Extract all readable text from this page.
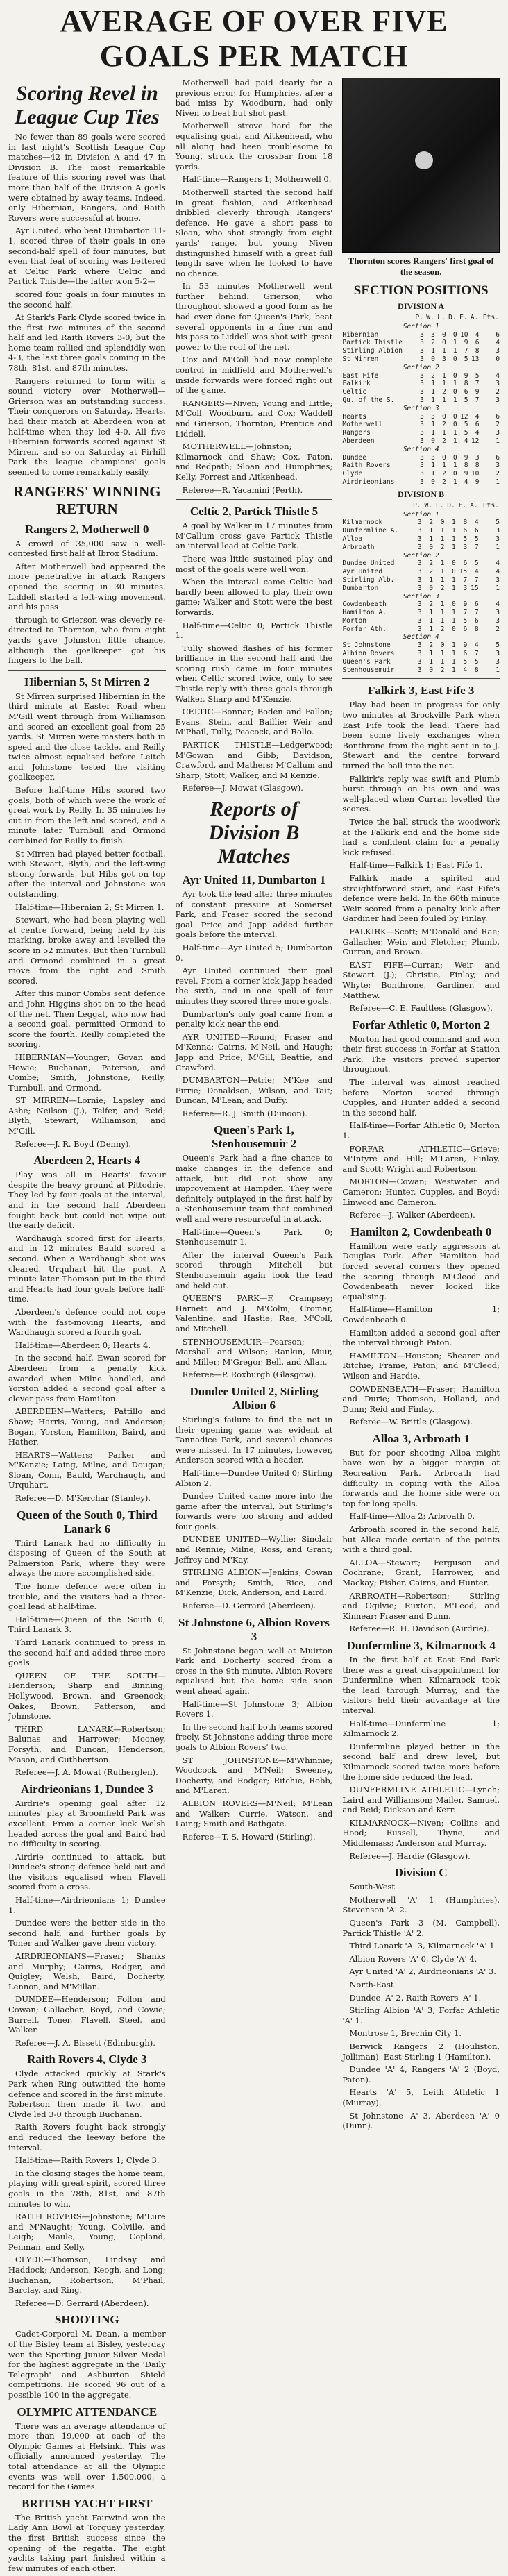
AVERAGE OF OVER FIVE GOALS PER MATCH
Scoring Revel in League Cup Ties

No fewer than 89 goals were scored in last night's Scottish League Cup matches—42 in Division A and 47 in Division B. The most remarkable feature of this scoring revel was that more than half of the Division A goals were obtained by away teams. Indeed, only Hibernian, Rangers, and Raith Rovers were successful at home.

Ayr United, who beat Dumbarton 11-1, scored three of their goals in one second-half spell of four minutes, but even that feat of scoring was bettered at Celtic Park where Celtic and Partick Thistle—the latter won 5-2—

scored four goals in four minutes in the second half.

At Stark's Park Clyde scored twice in the first two minutes of the second half and led Raith Rovers 3-0, but the home team rallied and splendidly won 4-3, the last three goals coming in the 78th, 81st, and 87th minutes.

Rangers returned to form with a sound victory over Motherwell—Grierson was an outstanding success. Their conquerors on Saturday, Hearts, had their match at Aberdeen won at half-time when they led 4-0. All five Hibernian forwards scored against St Mirren, and so on Saturday at Firhill Park the league champions' goals seemed to come remarkably easily.

RANGERS' WINNING RETURN
Rangers 2, Motherwell 0

A crowd of 35,000 saw a well-contested first half at Ibrox Stadium.

After Motherwell had appeared the more penetrative in attack Rangers opened the scoring in 30 minutes. Liddell started a left-wing movement, and his pass

through to Grierson was cleverly re-directed to Thornton, who from eight yards gave Johnston little chance, although the goalkeeper got his fingers to the ball.

Hibernian 5, St Mirren 2

St Mirren surprised Hibernian in the third minute at Easter Road when M'Gill went through from Williamson and scored an excellent goal from 25 yards. St Mirren were masters both in speed and the close tackle, and Reilly twice almost equalised before Leitch and Johnstone tested the visiting goalkeeper.

Before half-time Hibs scored two goals, both of which were the work of great work by Reilly. In 35 minutes he cut in from the left and scored, and a minute later Turnbull and Ormond combined for Reilly to finish.

St Mirren had played better football, with Stewart, Blyth, and the left-wing strong forwards, but Hibs got on top after the interval and Johnstone was outstanding.

Half-time—Hibernian 2; St Mirren 1.

Stewart, who had been playing well at centre forward, being held by his marking, broke away and levelled the score in 52 minutes. But then Turnbull and Ormond combined in a great move from the right and Smith scored.

After this minor Combs sent defence and John Higgins shot on to the head of the net. Then Leggat, who now had a second goal, permitted Ormond to score the fourth. Reilly completed the scoring.

HIBERNIAN—Younger; Govan and Howie; Buchanan, Paterson, and Combe; Smith, Johnstone, Reilly, Turnbull, and Ormond.

ST MIRREN—Lornie; Lapsley and Ashe; Neilson (J.), Telfer, and Reid; Blyth, Stewart, Williamson, and M'Gill.

Referee—J. R. Boyd (Denny).

Aberdeen 2, Hearts 4

Play was all in Hearts' favour despite the heavy ground at Pittodrie. They led by four goals at the interval, and in the second half Aberdeen fought back but could not wipe out the early deficit.

Wardhaugh scored first for Hearts, and in 12 minutes Bauld scored a second. When a Wardhaugh shot was cleared, Urquhart hit the post. A minute later Thomson put in the third and Hearts had four goals before half-time.

Aberdeen's defence could not cope with the fast-moving Hearts, and Wardhaugh scored a fourth goal.

Half-time—Aberdeen 0; Hearts 4.

In the second half, Ewan scored for Aberdeen from a penalty kick awarded when Milne handled, and Yorston added a second goal after a clever pass from Hamilton.

ABERDEEN—Watters; Pattillo and Shaw; Harris, Young, and Anderson; Bogan, Yorston, Hamilton, Baird, and Hather.

HEARTS—Watters; Parker and M'Kenzie; Laing, Milne, and Dougan; Sloan, Conn, Bauld, Wardhaugh, and Urquhart.

Referee—D. M'Kerchar (Stanley).

Queen of the South 0, Third Lanark 6

Third Lanark had no difficulty in disposing of Queen of the South at Palmerston Park, where they were always the more accomplished side.

The home defence were often in trouble, and the visitors had a three-goal lead at half-time.

Half-time—Queen of the South 0; Third Lanark 3.

Third Lanark continued to press in the second half and added three more goals.

QUEEN OF THE SOUTH—Henderson; Sharp and Binning; Hollywood, Brown, and Greenock; Oakes, Brown, Patterson, and Johnstone.

THIRD LANARK—Robertson; Balunas and Harrower; Mooney, Forsyth, and Duncan; Henderson, Mason, and Cuthbertson.

Referee—J. A. Mowat (Rutherglen).

Airdrieonians 1, Dundee 3

Airdrie's opening goal after 12 minutes' play at Broomfield Park was excellent. From a corner kick Welsh headed across the goal and Baird had no difficulty in scoring.

Airdrie continued to attack, but Dundee's strong defence held out and the visitors equalised when Flavell scored from a cross.

Half-time—Airdrieonians 1; Dundee 1.

Dundee were the better side in the second half, and further goals by Toner and Walker gave them victory.

AIRDRIEONIANS—Fraser; Shanks and Murphy; Cairns, Rodger, and Quigley; Welsh, Baird, Docherty, Lennon, and M'Millan.

DUNDEE—Henderson; Follon and Cowan; Gallacher, Boyd, and Cowie; Burrell, Toner, Flavell, Steel, and Walker.

Referee—J. A. Bissett (Edinburgh).

Raith Rovers 4, Clyde 3

Clyde attacked quickly at Stark's Park when Ring outwitted the home defence and scored in the first minute. Robertson then made it two, and Clyde led 3-0 through Buchanan.

Raith Rovers fought back strongly and reduced the leeway before the interval.

Half-time—Raith Rovers 1; Clyde 3.

In the closing stages the home team, playing with great spirit, scored three goals in the 78th, 81st, and 87th minutes to win.

RAITH ROVERS—Johnstone; M'Lure and M'Naught; Young, Colville, and Leigh; Maule, Young, Copland, Penman, and Kelly.

CLYDE—Thomson; Lindsay and Haddock; Anderson, Keogh, and Long; Buchanan, Robertson, M'Phail, Barclay, and Ring.

Referee—D. Gerrard (Aberdeen).

SHOOTING

Cadet-Corporal M. Dean, a member of the Bisley team at Bisley, yesterday won the Sporting Junior Silver Medal for the highest aggregate in the 'Daily Telegraph' and Ashburton Shield competitions. He scored 96 out of a possible 100 in the aggregate.

OLYMPIC ATTENDANCE

There was an average attendance of more than 19,000 at each of the Olympic Games at Helsinki. This was officially announced yesterday. The total attendance at all the Olympic events was well over 1,500,000, a record for the Games.

BRITISH YACHT FIRST

The British yacht Fairwind won the Lady Ann Bowl at Torquay yesterday, the first British success since the opening of the regatta. The eight yachts taking part finished within a few minutes of each other.

Motherwell had paid dearly for a previous error, for Humphries, after a bad miss by Woodburn, had only Niven to beat but shot past.

Motherwell strove hard for the equalising goal, and Aitkenhead, who all along had been troublesome to Young, struck the crossbar from 18 yards.

Half-time—Rangers 1; Motherwell 0.

Motherwell started the second half in great fashion, and Aitkenhead dribbled cleverly through Rangers' defence. He gave a short pass to Sloan, who shot strongly from eight yards' range, but young Niven distinguished himself with a great full length save when he looked to have no chance.

In 53 minutes Motherwell went further behind. Grierson, who throughout showed a good form as he had ever done for Queen's Park, beat several opponents in a fine run and his pass to Liddell was shot with great power to the roof of the net.

Cox and M'Coll had now complete control in midfield and Motherwell's inside forwards were forced right out of the game.

RANGERS—Niven; Young and Little; M'Coll, Woodburn, and Cox; Waddell and Grierson, Thornton, Prentice and Liddell.

MOTHERWELL—Johnston; Kilmarnock and Shaw; Cox, Paton, and Redpath; Sloan and Humphries; Kelly, Forrest and Aitkenhead.

Referee—R. Yacamini (Perth).

Celtic 2, Partick Thistle 5

A goal by Walker in 17 minutes from M'Callum cross gave Partick Thistle an interval lead at Celtic Park.

There was little sustained play and most of the goals were well won.

When the interval came Celtic had hardly been allowed to play their own game; Walker and Stott were the best forwards.

Half-time—Celtic 0; Partick Thistle 1.

Tully showed flashes of his former brilliance in the second half and the scoring rush came in four minutes when Celtic scored twice, only to see Thistle reply with three goals through Walker, Sharp and M'Kenzie.

CELTIC—Bonnar; Boden and Fallon; Evans, Stein, and Baillie; Weir and M'Phail, Tully, Peacock, and Rollo.

PARTICK THISTLE—Ledgerwood; M'Gowan and Gibb; Davidson, Crawford, and Mathers; M'Callum and Sharp; Stott, Walker, and M'Kenzie.

Referee—J. Mowat (Glasgow).

Reports of Division B Matches
Ayr United 11, Dumbarton 1

Ayr took the lead after three minutes of constant pressure at Somerset Park, and Fraser scored the second goal. Price and Japp added further goals before the interval.

Half-time—Ayr United 5; Dumbarton 0.

Ayr United continued their goal revel. From a corner kick Japp headed the sixth, and in one spell of four minutes they scored three more goals.

Dumbarton's only goal came from a penalty kick near the end.

AYR UNITED—Round; Fraser and M'Kenna; Cairns, M'Neil, and Haugh; Japp and Price; M'Gill, Beattie, and Crawford.

DUMBARTON—Petrie; M'Kee and Pirrie; Donaldson, Wilson, and Tait; Duncan, M'Lean, and Duffy.

Referee—R. J. Smith (Dunoon).

Queen's Park 1, Stenhousemuir 2

Queen's Park had a fine chance to make changes in the defence and attack, but did not show any improvement at Hampden. They were definitely outplayed in the first half by a Stenhousemuir team that combined well and were resourceful in attack.

Half-time—Queen's Park 0; Stenhousemuir 1.

After the interval Queen's Park scored through Mitchell but Stenhousemuir again took the lead and held out.

QUEEN'S PARK—F. Crampsey; Harnett and J. M'Colm; Cromar, Valentine, and Hastie; Rae, M'Coll, and Mitchell.

STENHOUSEMUIR—Pearson; Marshall and Wilson; Rankin, Muir, and Miller; M'Gregor, Bell, and Allan.

Referee—P. Roxburgh (Glasgow).

Dundee United 2, Stirling Albion 6

Stirling's failure to find the net in their opening game was evident at Tannadice Park, and several chances were missed. In 17 minutes, however, Anderson scored with a header.

Half-time—Dundee United 0; Stirling Albion 2.

Dundee United came more into the game after the interval, but Stirling's forwards were too strong and added four goals.

DUNDEE UNITED—Wyllie; Sinclair and Rennie; Milne, Ross, and Grant; Jeffrey and M'Kay.

STIRLING ALBION—Jenkins; Cowan and Forsyth; Smith, Rice, and M'Kenzie; Dick, Anderson, and Laird.

Referee—D. Gerrard (Aberdeen).

St Johnstone 6, Albion Rovers 3

St Johnstone began well at Muirton Park and Docherty scored from a cross in the 9th minute. Albion Rovers equalised but the home side soon went ahead again.

Half-time—St Johnstone 3; Albion Rovers 1.

In the second half both teams scored freely, St Johnstone adding three more goals to Albion Rovers' two.

ST JOHNSTONE—M'Whinnie; Woodcock and M'Neil; Sweeney, Docherty, and Rodger; Ritchie, Robb, and M'Laren.

ALBION ROVERS—M'Neil; M'Lean and Walker; Currie, Watson, and Laing; Smith and Bathgate.

Referee—T. S. Howard (Stirling).

Thornton scores Rangers' first goal of the season.
SECTION POSITIONS
DIVISION A
	P.	W.	L.	D.	F.	A.	Pts.
Section 1							
Hibernian	3	3	0	0	10	4	6
Partick Thistle	3	2	0	1	9	6	4
Stirling Albion	3	1	1	1	7	8	3
St Mirren	3	0	3	0	5	13	0
Section 2							
East Fife	3	2	1	0	9	5	4
Falkirk	3	1	1	1	8	7	3
Celtic	3	1	2	0	6	9	2
Qu. of the S.	3	1	1	1	5	7	3
Section 3							
Hearts	3	3	0	0	12	4	6
Motherwell	3	1	2	0	5	6	2
Rangers	3	1	1	1	5	4	3
Aberdeen	3	0	2	1	4	12	1
Section 4							
Dundee	3	3	0	0	9	3	6
Raith Rovers	3	1	1	1	8	8	3
Clyde	3	1	2	0	9	10	2
Airdrieonians	3	0	2	1	4	9	1
DIVISION B
	P.	W.	L.	D.	F.	A.	Pts.
Section 1							
Kilmarnock	3	2	0	1	8	4	5
Dunfermline A.	3	1	1	1	6	6	3
Alloa	3	1	1	1	5	5	3
Arbroath	3	0	2	1	3	7	1
Section 2							
Dundee United	3	2	1	0	6	5	4
Ayr United	3	2	1	0	15	4	4
Stirling Alb.	3	1	1	1	7	7	3
Dumbarton	3	0	2	1	3	15	1
Section 3							
Cowdenbeath	3	2	1	0	9	6	4
Hamilton A.	3	1	1	1	7	7	3
Morton	3	1	1	1	5	6	3
Forfar Ath.	3	1	2	0	6	8	2
Section 4							
St Johnstone	3	2	0	1	9	4	5
Albion Rovers	3	1	1	1	6	7	3
Queen's Park	3	1	1	1	5	5	3
Stenhousemuir	3	0	2	1	4	8	1
Falkirk 3, East Fife 3

Play had been in progress for only two minutes at Brockville Park when East Fife took the lead. There had been some lively exchanges when Bonthrone from the right sent in to J. Stewart and the centre forward turned the ball into the net.

Falkirk's reply was swift and Plumb burst through on his own and was well-placed when Curran levelled the scores.

Twice the ball struck the woodwork at the Falkirk end and the home side had a confident claim for a penalty kick refused.

Half-time—Falkirk 1; East Fife 1.

Falkirk made a spirited and straightforward start, and East Fife's defence were held. In the 60th minute Weir scored from a penalty kick after Gardiner had been fouled by Finlay.

FALKIRK—Scott; M'Donald and Rae; Gallacher, Weir, and Fletcher; Plumb, Curran, and Brown.

EAST FIFE—Curran; Weir and Stewart (J.); Christie, Finlay, and Whyte; Bonthrone, Gardiner, and Matthew.

Referee—C. E. Faultless (Glasgow).

Forfar Athletic 0, Morton 2

Morton had good command and won their first success in Forfar at Station Park. The visitors proved superior throughout.

The interval was almost reached before Morton scored through Cupples, and Hunter added a second in the second half.

Half-time—Forfar Athletic 0; Morton 1.

FORFAR ATHLETIC—Grieve; M'Intyre and Hill; M'Laren, Finlay, and Scott; Wright and Robertson.

MORTON—Cowan; Westwater and Cameron; Hunter, Cupples, and Boyd; Linwood and Cameron.

Referee—J. Walker (Aberdeen).

Hamilton 2, Cowdenbeath 0

Hamilton were early aggressors at Douglas Park. After Hamilton had forced several corners they opened the scoring through M'Cleod and Cowdenbeath never looked like equalising.

Half-time—Hamilton 1; Cowdenbeath 0.

Hamilton added a second goal after the interval through Paton.

HAMILTON—Houston; Shearer and Ritchie; Frame, Paton, and M'Cleod; Wilson and Hardie.

COWDENBEATH—Fraser; Hamilton and Durie; Thomson, Holland, and Dunn; Reid and Finlay.

Referee—W. Brittle (Glasgow).

Alloa 3, Arbroath 1

But for poor shooting Alloa might have won by a bigger margin at Recreation Park. Arbroath had difficulty in coping with the Alloa forwards and the home side were on top for long spells.

Half-time—Alloa 2; Arbroath 0.

Arbroath scored in the second half, but Alloa made certain of the points with a third goal.

ALLOA—Stewart; Ferguson and Cochrane; Grant, Harrower, and Mackay; Fisher, Cairns, and Hunter.

ARBROATH—Robertson; Stirling and Ogilvie; Ruxton, M'Leod, and Kinnear; Fraser and Dunn.

Referee—R. H. Davidson (Airdrie).

Dunfermline 3, Kilmarnock 4

In the first half at East End Park there was a great disappointment for Dunfermline when Kilmarnock took the lead through Murray, and the visitors held their advantage at the interval.

Half-time—Dunfermline 1; Kilmarnock 2.

Dunfermline played better in the second half and drew level, but Kilmarnock scored twice more before the home side reduced the lead.

DUNFERMLINE ATHLETIC—Lynch; Laird and Williamson; Mailer, Samuel, and Reid; Dickson and Kerr.

KILMARNOCK—Niven; Collins and Hood; Russell, Thyne, and Middlemass; Anderson and Murray.

Referee—J. Hardie (Glasgow).

Division C

South-West

Motherwell 'A' 1 (Humphries), Stevenson 'A' 2.

Queen's Park 3 (M. Campbell), Partick Thistle 'A' 2.

Third Lanark 'A' 3, Kilmarnock 'A' 1.

Albion Rovers 'A' 0, Clyde 'A' 4.

Ayr United 'A' 2, Airdrieonians 'A' 3.

North-East

Dundee 'A' 2, Raith Rovers 'A' 1.

Stirling Albion 'A' 3, Forfar Athletic 'A' 1.

Montrose 1, Brechin City 1.

Berwick Rangers 2 (Houliston, Jolliman), East Stirling 1 (Hamilton).

Dundee 'A' 4, Rangers 'A' 2 (Boyd, Paton).

Hearts 'A' 5, Leith Athletic 1 (Murray).

St Johnstone 'A' 3, Aberdeen 'A' 0 (Dunn).
